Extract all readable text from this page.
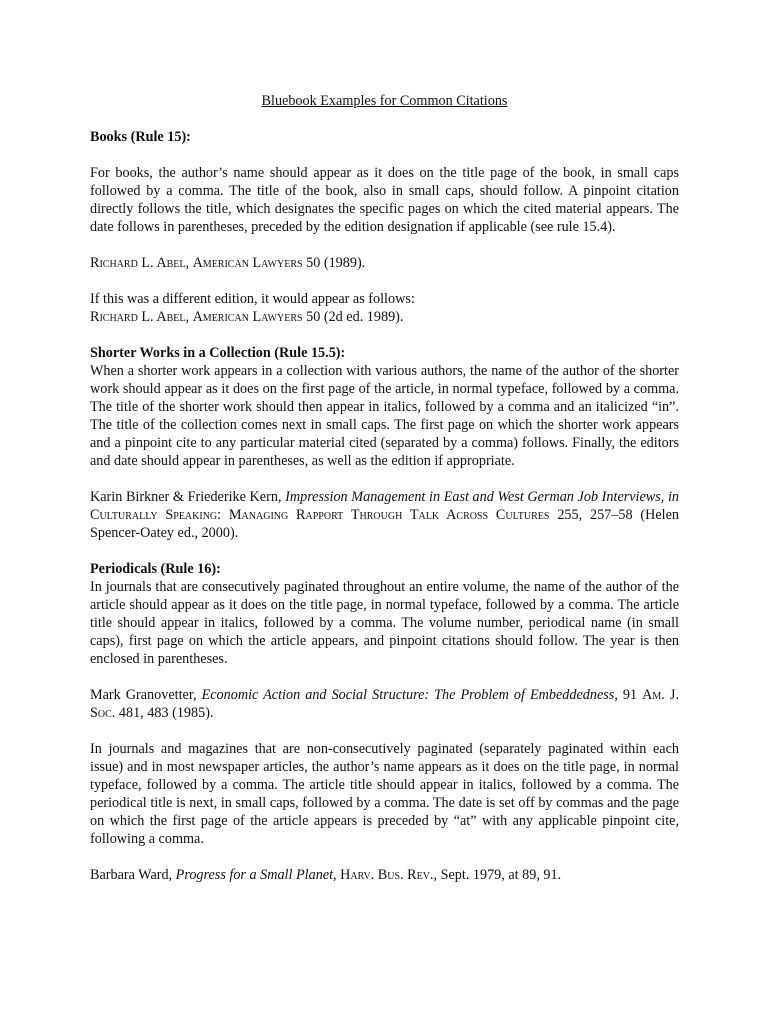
Bluebook Examples for Common Citations

Books (Rule 15):

For books, the author’s name should appear as it does on the title page of the book, in small caps followed by a comma. The title of the book, also in small caps, should follow. A pinpoint citation directly follows the title, which designates the specific pages on which the cited material appears. The date follows in parentheses, preceded by the edition designation if applicable (see rule 15.4).

Richard L. Abel, American Lawyers 50 (1989).

If this was a different edition, it would appear as follows:

Richard L. Abel, American Lawyers 50 (2d ed. 1989).

Shorter Works in a Collection (Rule 15.5):

When a shorter work appears in a collection with various authors, the name of the author of the shorter work should appear as it does on the first page of the article, in normal typeface, followed by a comma. The title of the shorter work should then appear in italics, followed by a comma and an italicized “in”. The title of the collection comes next in small caps. The first page on which the shorter work appears and a pinpoint cite to any particular material cited (separated by a comma) follows. Finally, the editors and date should appear in parentheses, as well as the edition if appropriate.

Karin Birkner & Friederike Kern, Impression Management in East and West German Job Interviews, in Culturally Speaking: Managing Rapport Through Talk Across Cultures 255, 257–58 (Helen Spencer-Oatey ed., 2000).

Periodicals (Rule 16):

In journals that are consecutively paginated throughout an entire volume, the name of the author of the article should appear as it does on the title page, in normal typeface, followed by a comma. The article title should appear in italics, followed by a comma. The volume number, periodical name (in small caps), first page on which the article appears, and pinpoint citations should follow. The year is then enclosed in parentheses.

Mark Granovetter, Economic Action and Social Structure: The Problem of Embeddedness, 91 Am. J. Soc. 481, 483 (1985).

In journals and magazines that are non-consecutively paginated (separately paginated within each issue) and in most newspaper articles, the author’s name appears as it does on the title page, in normal typeface, followed by a comma. The article title should appear in italics, followed by a comma. The periodical title is next, in small caps, followed by a comma. The date is set off by commas and the page on which the first page of the article appears is preceded by “at” with any applicable pinpoint cite, following a comma.

Barbara Ward, Progress for a Small Planet, Harv. Bus. Rev., Sept. 1979, at 89, 91.
